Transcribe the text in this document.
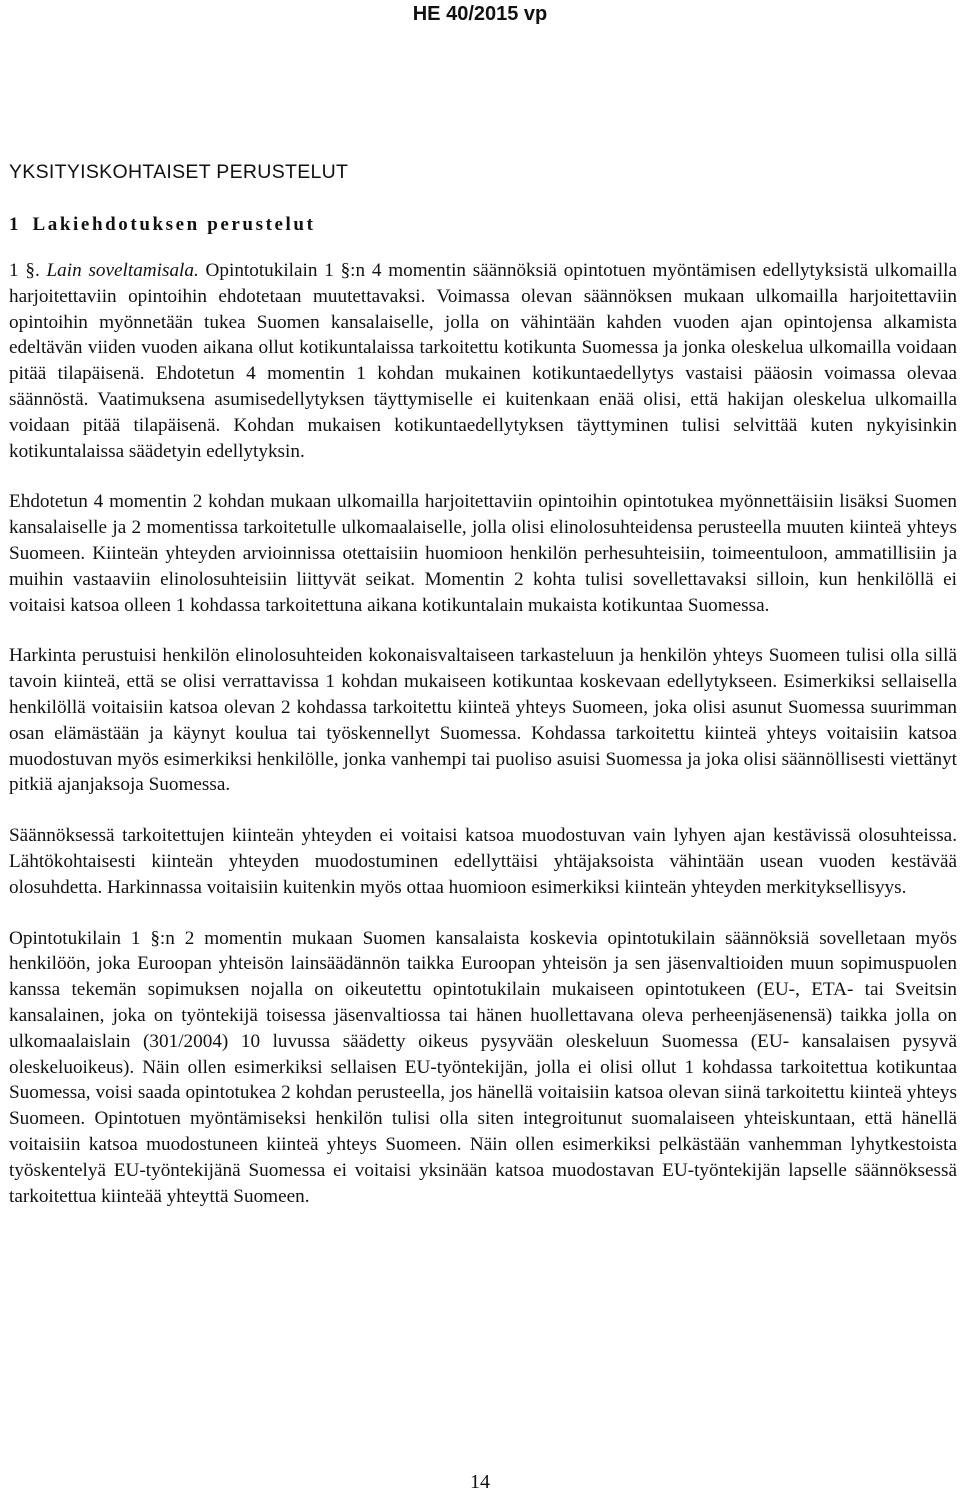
HE 40/2015 vp
YKSITYISKOHTAISET PERUSTELUT
1 Lakiehdotuksen perustelut

1 §. Lain soveltamisala. Opintotukilain 1 §:n 4 momentin säännöksiä opintotuen myöntämisen edellytyksistä ulkomailla harjoitettaviin opintoihin ehdotetaan muutettavaksi. Voimassa olevan säännöksen mukaan ulkomailla harjoitettaviin opintoihin myönnetään tukea Suomen kansalaiselle, jolla on vähintään kahden vuoden ajan opintojensa alkamista edeltävän viiden vuoden aikana ollut kotikuntalaissa tarkoitettu kotikunta Suomessa ja jonka oleskelua ulkomailla voidaan pitää tilapäisenä. Ehdotetun 4 momentin 1 kohdan mukainen kotikuntaedellytys vastaisi pääosin voimassa olevaa säännöstä. Vaatimuksena asumisedellytyksen täyttymiselle ei kuitenkaan enää olisi, että hakijan oleskelua ulkomailla voidaan pitää tilapäisenä. Kohdan mukaisen kotikuntaedellytyksen täyttyminen tulisi selvittää kuten nykyisinkin kotikuntalaissa säädetyin edellytyksin.

Ehdotetun 4 momentin 2 kohdan mukaan ulkomailla harjoitettaviin opintoihin opintotukea myönnettäisiin lisäksi Suomen kansalaiselle ja 2 momentissa tarkoitetulle ulkomaalaiselle, jolla olisi elinolosuhteidensa perusteella muuten kiinteä yhteys Suomeen. Kiinteän yhteyden arvioinnissa otettaisiin huomioon henkilön perhesuhteisiin, toimeentuloon, ammatillisiin ja muihin vastaaviin elinolosuhteisiin liittyvät seikat. Momentin 2 kohta tulisi sovellettavaksi silloin, kun henkilöllä ei voitaisi katsoa olleen 1 kohdassa tarkoitettuna aikana kotikuntalain mukaista kotikuntaa Suomessa.

Harkinta perustuisi henkilön elinolosuhteiden kokonaisvaltaiseen tarkasteluun ja henkilön yhteys Suomeen tulisi olla sillä tavoin kiinteä, että se olisi verrattavissa 1 kohdan mukaiseen kotikuntaa koskevaan edellytykseen. Esimerkiksi sellaisella henkilöllä voitaisiin katsoa olevan 2 kohdassa tarkoitettu kiinteä yhteys Suomeen, joka olisi asunut Suomessa suurimman osan elämästään ja käynyt koulua tai työskennellyt Suomessa. Kohdassa tarkoitettu kiinteä yhteys voitaisiin katsoa muodostuvan myös esimerkiksi henkilölle, jonka vanhempi tai puoliso asuisi Suomessa ja joka olisi säännöllisesti viettänyt pitkiä ajanjaksoja Suomessa.

Säännöksessä tarkoitettujen kiinteän yhteyden ei voitaisi katsoa muodostuvan vain lyhyen ajan kestävissä olosuhteissa. Lähtökohtaisesti kiinteän yhteyden muodostuminen edellyttäisi yhtäjaksoista vähintään usean vuoden kestävää olosuhdetta. Harkinnassa voitaisiin kuitenkin myös ottaa huomioon esimerkiksi kiinteän yhteyden merkityksellisyys.

Opintotukilain 1 §:n 2 momentin mukaan Suomen kansalaista koskevia opintotukilain säännöksiä sovelletaan myös henkilöön, joka Euroopan yhteisön lainsäädännön taikka Euroopan yhteisön ja sen jäsenvaltioiden muun sopimuspuolen kanssa tekemän sopimuksen nojalla on oikeutettu opintotukilain mukaiseen opintotukeen (EU-, ETA- tai Sveitsin kansalainen, joka on työntekijä toisessa jäsenvaltiossa tai hänen huollettavana oleva perheenjäsenensä) taikka jolla on ulkomaalaislain (301/2004) 10 luvussa säädetty oikeus pysyvään oleskeluun Suomessa (EU- kansalaisen pysyvä oleskeluoikeus). Näin ollen esimerkiksi sellaisen EU-työntekijän, jolla ei olisi ollut 1 kohdassa tarkoitettua kotikuntaa Suomessa, voisi saada opintotukea 2 kohdan perusteella, jos hänellä voitaisiin katsoa olevan siinä tarkoitettu kiinteä yhteys Suomeen. Opintotuen myöntämiseksi henkilön tulisi olla siten integroitunut suomalaiseen yhteiskuntaan, että hänellä voitaisiin katsoa muodostuneen kiinteä yhteys Suomeen. Näin ollen esimerkiksi pelkästään vanhemman lyhytkestoista työskentelyä EU-työntekijänä Suomessa ei voitaisi yksinään katsoa muodostavan EU-työntekijän lapselle säännöksessä tarkoitettua kiinteää yhteyttä Suomeen.

14
